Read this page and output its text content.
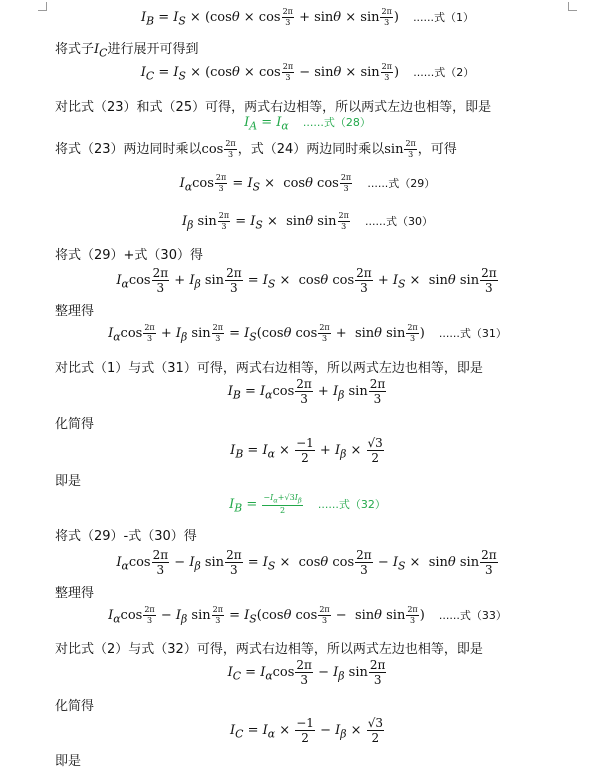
$I_B = I_S \times (\cos\theta \times \cos \frac{2\pi}{3} + \sin\theta \times \sin \frac{2\pi}{3}$ ) ......式（1）
将式子$I_C$进行展开可得到
$I_C = I_S \times (\cos\theta \times \cos \frac{2\pi}{3} - \sin\theta \times \sin \frac{2\pi}{3}$ ) ......式（2）
对比式（23）和式（25）可得，两式右边相等，所以两式左边也相等，即是
$I_A = I_\alpha$ ......式（28）
将式（23）两边同时乘以$\cos \frac{2\pi}{3}$ ，式（24）两边同时乘以$\sin \frac{2\pi}{3}$ ，可得
$I_\alpha\cos \frac{2\pi}{3} = I_S \times \cos\theta$ $\cos \frac{2\pi}{3}$ ......式（29）
$I_\beta$ $\sin \frac{2\pi}{3} = I_S \times \sin\theta$ $\sin \frac{2\pi}{3}$ ......式（30）
将式（29）+式（30）得
$I_\alpha\cos \frac{2\pi}{3} + I_\beta$ $\sin \frac{2\pi}{3} = I_S \times \cos\theta$ $\cos \frac{2\pi}{3} + I_S \times \sin\theta$ $\sin \frac{2\pi}{3}$
整理得
$I_\alpha\cos \frac{2\pi}{3} + I_\beta$ $\sin \frac{2\pi}{3} = I_S(\cos\theta$ $\cos \frac{2\pi}{3} + \sin\theta$ $\sin \frac{2\pi}{3}$ ) ......式（31）
对比式（1）与式（31）可得，两式右边相等，所以两式左边也相等，即是
$I_B = I_\alpha\cos \frac{2\pi}{3} + I_\beta$ $\sin \frac{2\pi}{3}$
化简得
$I_B = I_\alpha \times \frac{-1}{2} + I_\beta \times \frac{√3}{2}$
即是
$I_B = \frac{-I_\alpha+√3I_\beta}{2}$ ......式（32）
将式（29）-式（30）得
$I_\alpha\cos \frac{2\pi}{3} - I_\beta$ $\sin \frac{2\pi}{3} = I_S \times \cos\theta$ $\cos \frac{2\pi}{3} - I_S \times \sin\theta$ $\sin \frac{2\pi}{3}$
整理得
$I_\alpha\cos \frac{2\pi}{3} - I_\beta$ $\sin \frac{2\pi}{3} = I_S(\cos\theta$ $\cos \frac{2\pi}{3} - \sin\theta$ $\sin \frac{2\pi}{3}$ ) ......式（33）
对比式（2）与式（32）可得，两式右边相等，所以两式左边也相等，即是
$I_C = I_\alpha\cos \frac{2\pi}{3} - I_\beta$ $\sin \frac{2\pi}{3}$
化简得
$I_C = I_\alpha \times \frac{-1}{2} - I_\beta \times \frac{√3}{2}$
即是
